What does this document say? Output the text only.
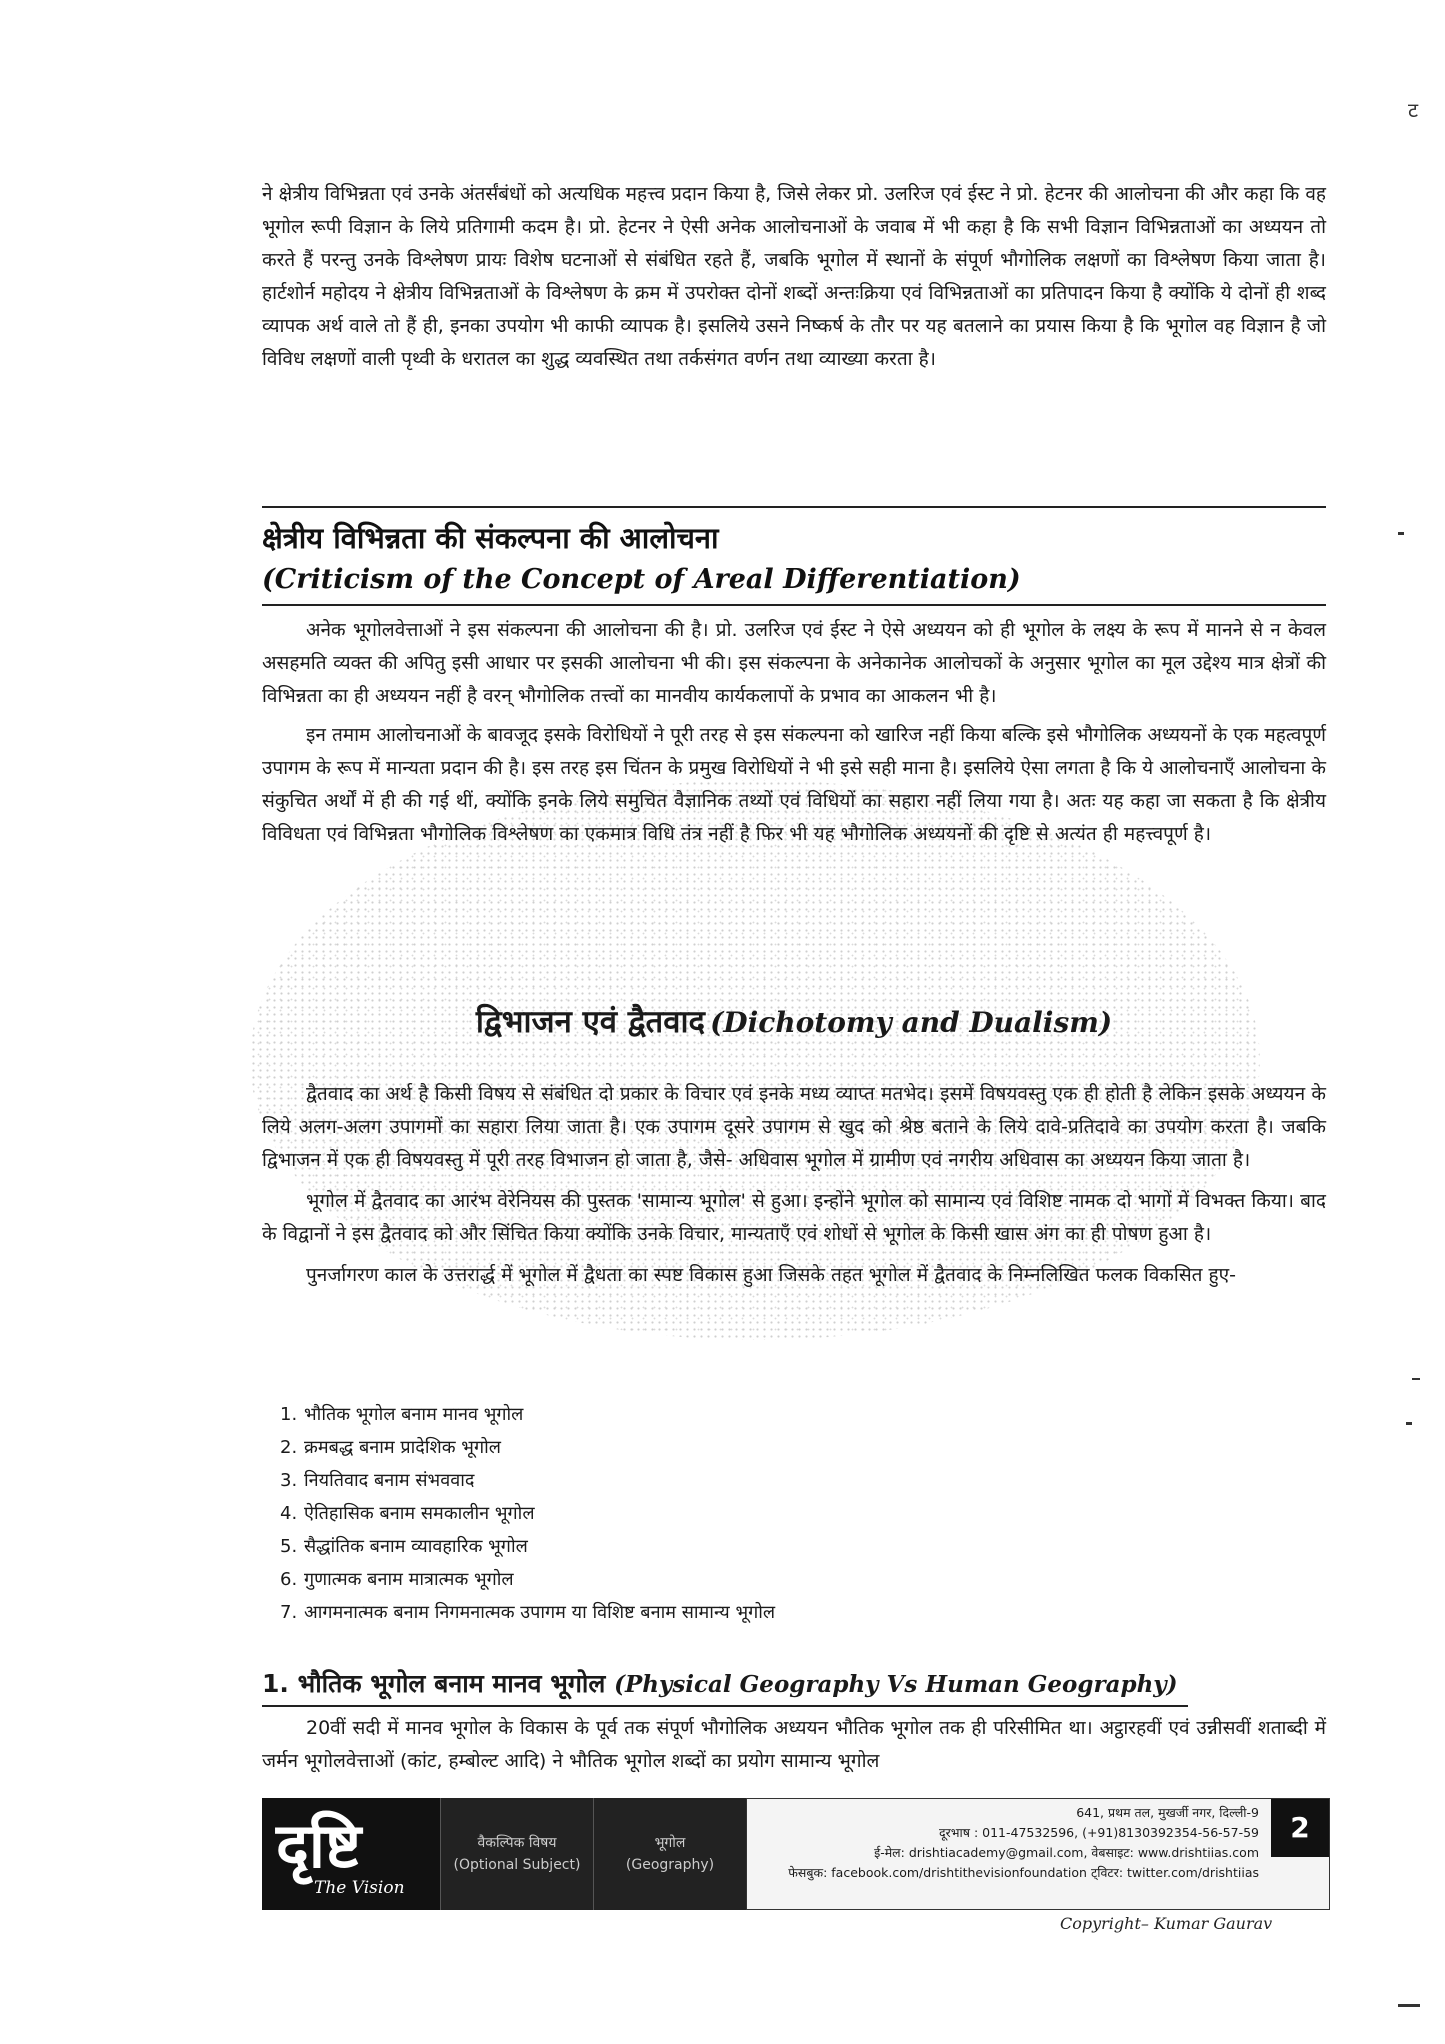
ट

ने क्षेत्रीय विभिन्नता एवं उनके अंतर्संबंधों को अत्यधिक महत्त्व प्रदान किया है, जिसे लेकर प्रो. उलरिज एवं ईस्ट ने प्रो. हेटनर की आलोचना की और कहा कि वह भूगोल रूपी विज्ञान के लिये प्रतिगामी कदम है। प्रो. हेटनर ने ऐसी अनेक आलोचनाओं के जवाब में भी कहा है कि सभी विज्ञान विभिन्नताओं का अध्ययन तो करते हैं परन्तु उनके विश्लेषण प्रायः विशेष घटनाओं से संबंधित रहते हैं, जबकि भूगोल में स्थानों के संपूर्ण भौगोलिक लक्षणों का विश्लेषण किया जाता है। हार्टशोर्न महोदय ने क्षेत्रीय विभिन्नताओं के विश्लेषण के क्रम में उपरोक्त दोनों शब्दों अन्तःक्रिया एवं विभिन्नताओं का प्रतिपादन किया है क्योंकि ये दोनों ही शब्द व्यापक अर्थ वाले तो हैं ही, इनका उपयोग भी काफी व्यापक है। इसलिये उसने निष्कर्ष के तौर पर यह बतलाने का प्रयास किया है कि भूगोल वह विज्ञान है जो विविध लक्षणों वाली पृथ्वी के धरातल का शुद्ध व्यवस्थित तथा तर्कसंगत वर्णन तथा व्याख्या करता है।

क्षेत्रीय विभिन्नता की संकल्पना की आलोचना
(Criticism of the Concept of Areal Differentiation)

अनेक भूगोलवेत्ताओं ने इस संकल्पना की आलोचना की है। प्रो. उलरिज एवं ईस्ट ने ऐसे अध्ययन को ही भूगोल के लक्ष्य के रूप में मानने से न केवल असहमति व्यक्त की अपितु इसी आधार पर इसकी आलोचना भी की। इस संकल्पना के अनेकानेक आलोचकों के अनुसार भूगोल का मूल उद्देश्य मात्र क्षेत्रों की विभिन्नता का ही अध्ययन नहीं है वरन् भौगोलिक तत्त्वों का मानवीय कार्यकलापों के प्रभाव का आकलन भी है।

इन तमाम आलोचनाओं के बावजूद इसके विरोधियों ने पूरी तरह से इस संकल्पना को खारिज नहीं किया बल्कि इसे भौगोलिक अध्ययनों के एक महत्वपूर्ण उपागम के रूप में मान्यता प्रदान की है। इस तरह इस चिंतन के प्रमुख विरोधियों ने भी इसे सही माना है। इसलिये ऐसा लगता है कि ये आलोचनाएँ आलोचना के संकुचित अर्थों में ही की गई थीं, क्योंकि इनके लिये समुचित वैज्ञानिक तथ्यों एवं विधियों का सहारा नहीं लिया गया है। अतः यह कहा जा सकता है कि क्षेत्रीय विविधता एवं विभिन्नता भौगोलिक विश्लेषण का एकमात्र विधि तंत्र नहीं है फिर भी यह भौगोलिक अध्ययनों की दृष्टि से अत्यंत ही महत्त्वपूर्ण है।

द्विभाजन एवं द्वैतवाद (Dichotomy and Dualism)

द्वैतवाद का अर्थ है किसी विषय से संबंधित दो प्रकार के विचार एवं इनके मध्य व्याप्त मतभेद। इसमें विषयवस्तु एक ही होती है लेकिन इसके अध्ययन के लिये अलग-अलग उपागमों का सहारा लिया जाता है। एक उपागम दूसरे उपागम से खुद को श्रेष्ठ बताने के लिये दावे-प्रतिदावे का उपयोग करता है। जबकि द्विभाजन में एक ही विषयवस्तु में पूरी तरह विभाजन हो जाता है, जैसे- अधिवास भूगोल में ग्रामीण एवं नगरीय अधिवास का अध्ययन किया जाता है।

भूगोल में द्वैतवाद का आरंभ वेरेनियस की पुस्तक 'सामान्य भूगोल' से हुआ। इन्होंने भूगोल को सामान्य एवं विशिष्ट नामक दो भागों में विभक्त किया। बाद के विद्वानों ने इस द्वैतवाद को और सिंचित किया क्योंकि उनके विचार, मान्यताएँ एवं शोधों से भूगोल के किसी खास अंग का ही पोषण हुआ है।

पुनर्जागरण काल के उत्तरार्द्ध में भूगोल में द्वैधता का स्पष्ट विकास हुआ जिसके तहत भूगोल में द्वैतवाद के निम्नलिखित फलक विकसित हुए-

1. भौतिक भूगोल बनाम मानव भूगोल
2. क्रमबद्ध बनाम प्रादेशिक भूगोल
3. नियतिवाद बनाम संभववाद
4. ऐतिहासिक बनाम समकालीन भूगोल
5. सैद्धांतिक बनाम व्यावहारिक भूगोल
6. गुणात्मक बनाम मात्रात्मक भूगोल
7. आगमनात्मक बनाम निगमनात्मक उपागम या विशिष्ट बनाम सामान्य भूगोल
1. भौतिक भूगोल बनाम मानव भूगोल (Physical Geography Vs Human Geography)

20वीं सदी में मानव भूगोल के विकास के पूर्व तक संपूर्ण भौगोलिक अध्ययन भौतिक भूगोल तक ही परिसीमित था। अट्ठारहवीं एवं उन्नीसवीं शताब्दी में जर्मन भूगोलवेत्ताओं (कांट, हम्बोल्ट आदि) ने भौतिक भूगोल शब्दों का प्रयोग सामान्य भूगोल

दृष्टि
The Vision
वैकल्पिक विषय
(Optional Subject)
भूगोल
(Geography)
641, प्रथम तल, मुखर्जी नगर, दिल्ली-9
दूरभाष : 011-47532596, (+91)8130392354-56-57-59
ई-मेल: drishtiacademy@gmail.com, वेबसाइट: www.drishtiias.com
फेसबुक: facebook.com/drishtithevisionfoundation ट्विटर: twitter.com/drishtiias
2
Copyright– Kumar Gaurav
